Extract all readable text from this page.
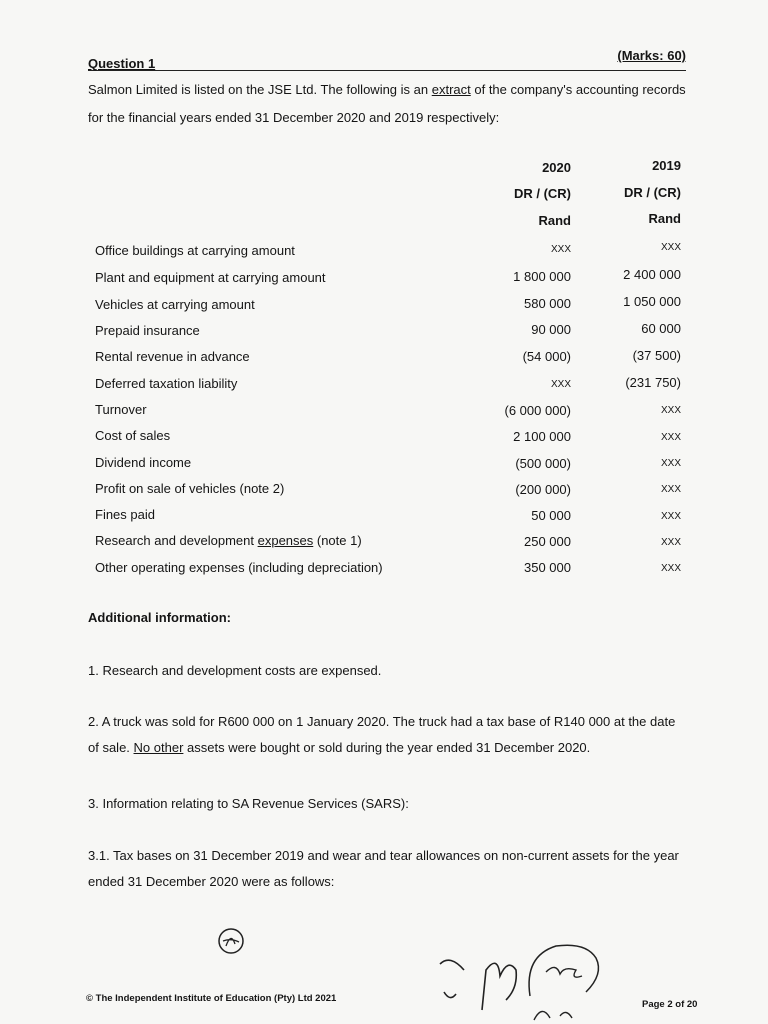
Question 1
(Marks: 60)
Salmon Limited is listed on the JSE Ltd. The following is an extract of the company's accounting records for the financial years ended 31 December 2020 and 2019 respectively:
2020
DR / (CR)
Rand
2019
DR / (CR)
Rand
Office buildings at carrying amount	XXX	XXX
Plant and equipment at carrying amount	1 800 000	2 400 000
Vehicles at carrying amount	580 000	1 050 000
Prepaid insurance	90 000	60 000
Rental revenue in advance	(54 000)	(37 500)
Deferred taxation liability	XXX	(231 750)
Turnover	(6 000 000)	XXX
Cost of sales	2 100 000	XXX
Dividend income	(500 000)	XXX
Profit on sale of vehicles (note 2)	(200 000)	XXX
Fines paid	50 000	XXX
Research and development expenses (note 1)	250 000	XXX
Other operating expenses (including depreciation)	350 000	XXX
Additional information:
1. Research and development costs are expensed.
2. A truck was sold for R600 000 on 1 January 2020. The truck had a tax base of R140 000 at the date of sale. No other assets were bought or sold during the year ended 31 December 2020.
3. Information relating to SA Revenue Services (SARS):
3.1. Tax bases on 31 December 2019 and wear and tear allowances on non-current assets for the year ended 31 December 2020 were as follows:
© The Independent Institute of Education (Pty) Ltd 2021
Page 2 of 20
